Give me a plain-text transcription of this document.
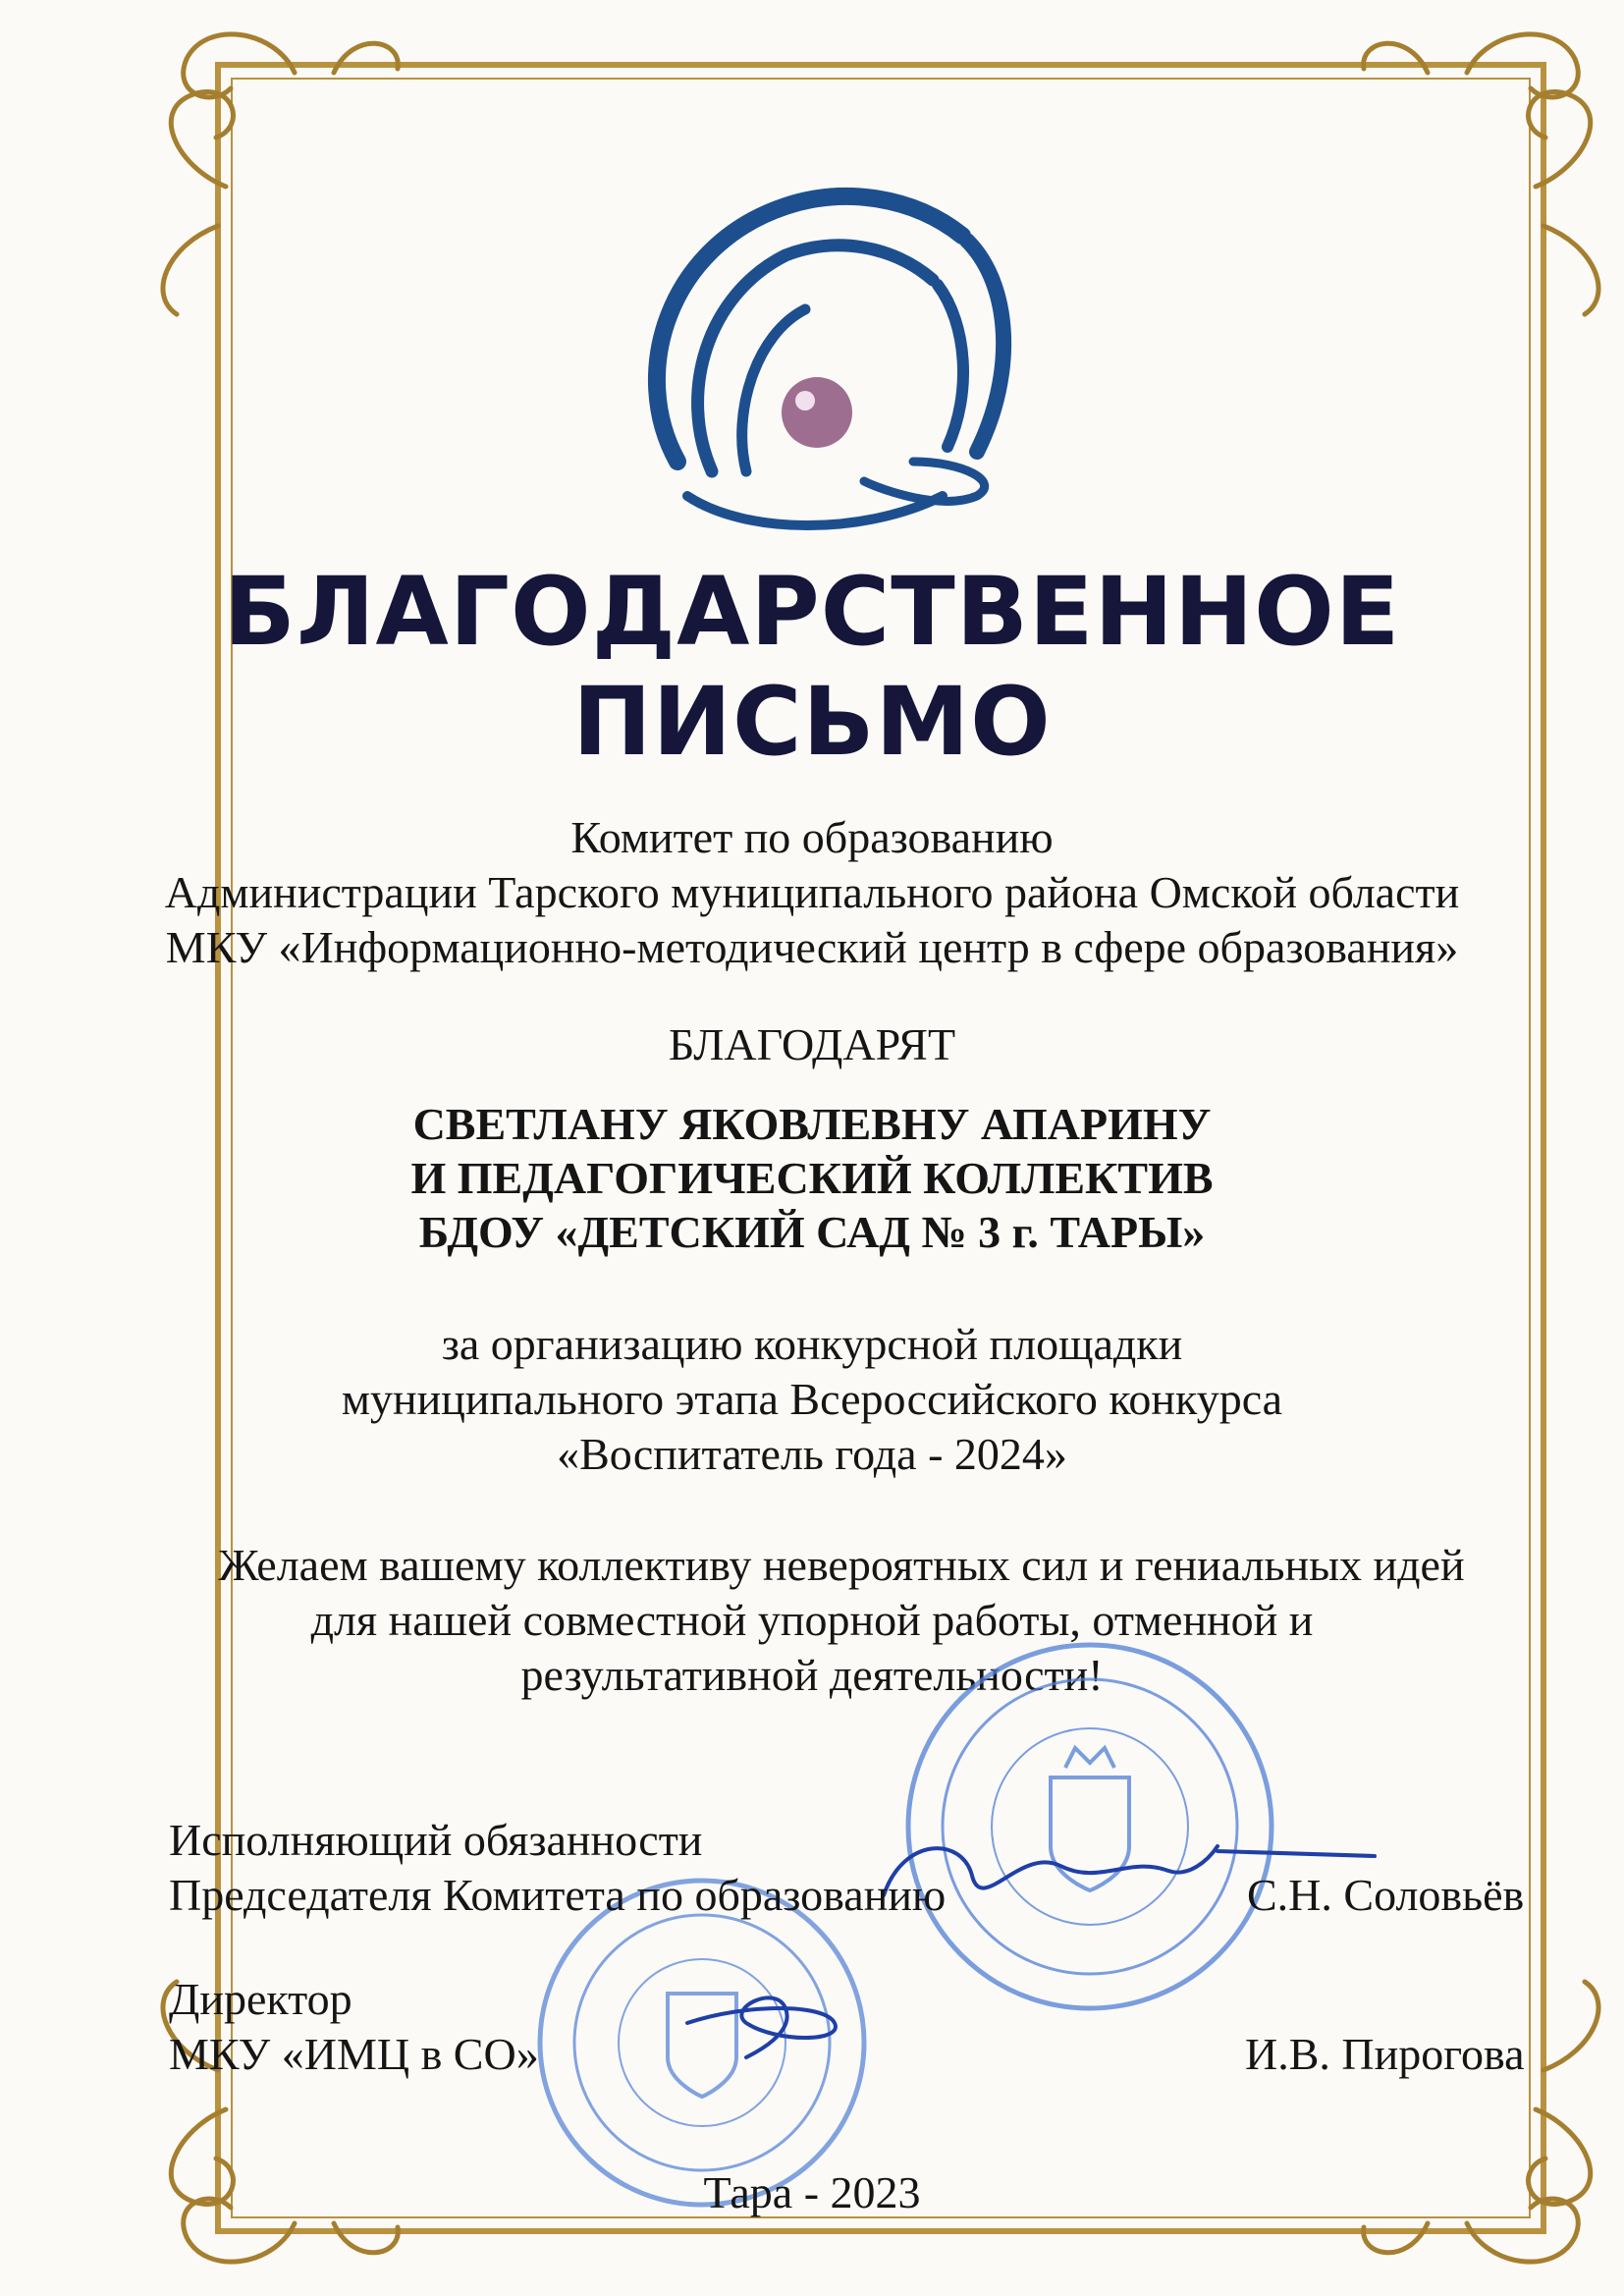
БЛАГОДАРСТВЕННОЕ
ПИСЬМО
Комитет по образованию
Администрации Тарского муниципального района Омской области
МКУ «Информационно-методический центр в сфере образования»
БЛАГОДАРЯТ
СВЕТЛАНУ ЯКОВЛЕВНУ АПАРИНУ
И ПЕДАГОГИЧЕСКИЙ КОЛЛЕКТИВ
БДОУ «ДЕТСКИЙ САД № 3 г. ТАРЫ»
за организацию конкурсной площадки
муниципального этапа Всероссийского конкурса
«Воспитатель года - 2024»
Желаем вашему коллективу невероятных сил и гениальных идей
для нашей совместной упорной работы, отменной и
результативной деятельности!
Исполняющий обязанности
Председателя Комитета по образованию	С.Н. Соловьёв
Директор
МКУ «ИМЦ в СО»	И.В. Пирогова
Тара - 2023
